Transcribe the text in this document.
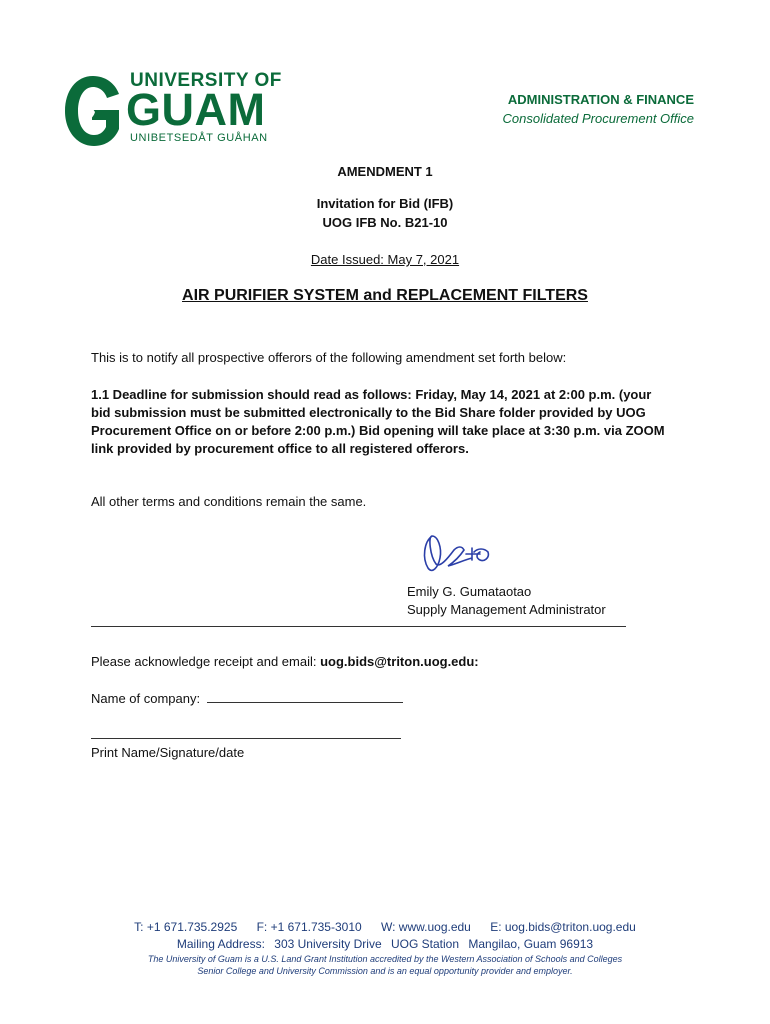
UNIVERSITY OF
GUAM
UNIBETSEDÅT GUÅHAN
ADMINISTRATION & FINANCE
Consolidated Procurement Office
AMENDMENT 1
Invitation for Bid (IFB)
UOG IFB No. B21-10
Date Issued: May 7, 2021
AIR PURIFIER SYSTEM and REPLACEMENT FILTERS
This is to notify all prospective offerors of the following amendment set forth below:
1.1 Deadline for submission should read as follows: Friday, May 14, 2021 at 2:00 p.m. (your bid submission must be submitted electronically to the Bid Share folder provided by UOG Procurement Office on or before 2:00 p.m.) Bid opening will take place at 3:30 p.m. via ZOOM link provided by procurement office to all registered offerors.
All other terms and conditions remain the same.
Emily G. Gumataotao
Supply Management Administrator
Please acknowledge receipt and email: uog.bids@triton.uog.edu:
Name of company:
Print Name/Signature/date
T: +1 671.735.2925 F: +1 671.735-3010 W: www.uog.edu E: uog.bids@triton.uog.edu
Mailing Address: 303 University Drive UOG Station Mangilao, Guam 96913
The University of Guam is a U.S. Land Grant Institution accredited by the Western Association of Schools and Colleges
Senior College and University Commission and is an equal opportunity provider and employer.
